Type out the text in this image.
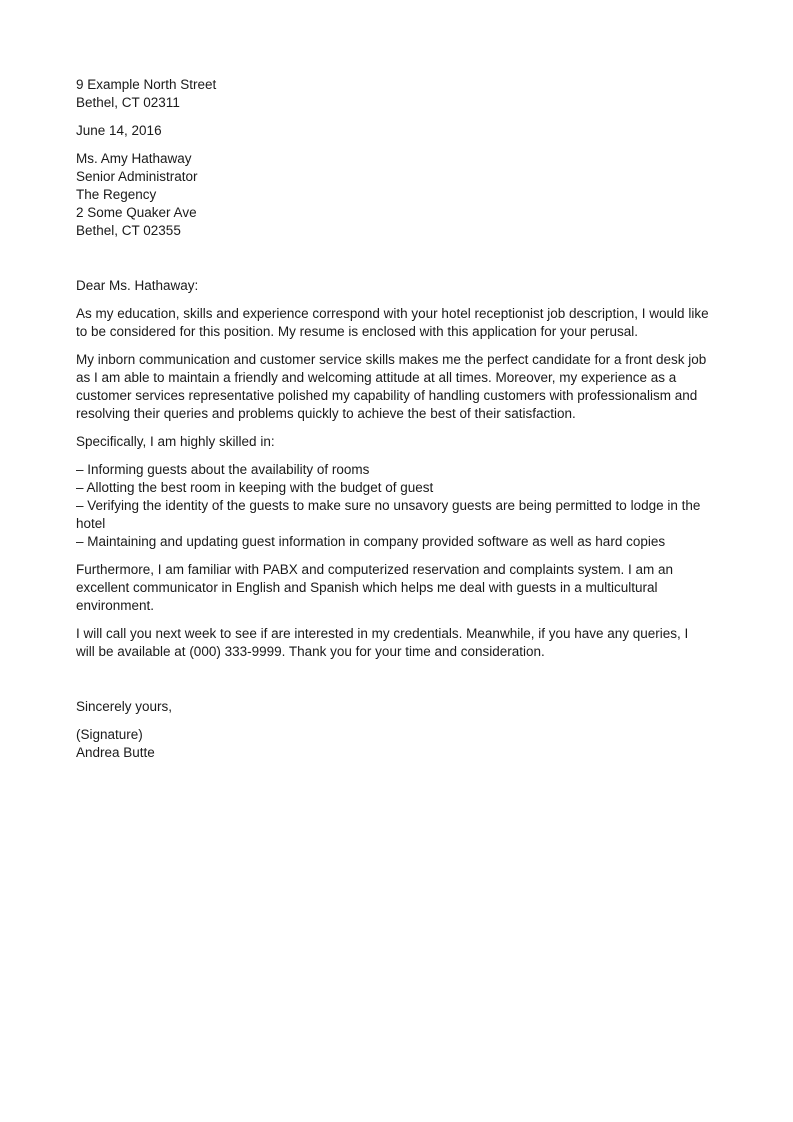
9 Example North Street
Bethel, CT 02311
June 14, 2016
Ms. Amy Hathaway
Senior Administrator
The Regency
2 Some Quaker Ave
Bethel, CT 02355
Dear Ms. Hathaway:
As my education, skills and experience correspond with your hotel receptionist job description, I would like to be considered for this position. My resume is enclosed with this application for your perusal.
My inborn communication and customer service skills makes me the perfect candidate for a front desk job as I am able to maintain a friendly and welcoming attitude at all times. Moreover, my experience as a customer services representative polished my capability of handling customers with professionalism and resolving their queries and problems quickly to achieve the best of their satisfaction.
Specifically, I am highly skilled in:
– Informing guests about the availability of rooms
– Allotting the best room in keeping with the budget of guest
– Verifying the identity of the guests to make sure no unsavory guests are being permitted to lodge in the hotel
– Maintaining and updating guest information in company provided software as well as hard copies
Furthermore, I am familiar with PABX and computerized reservation and complaints system. I am an excellent communicator in English and Spanish which helps me deal with guests in a multicultural environment.
I will call you next week to see if are interested in my credentials. Meanwhile, if you have any queries, I will be available at (000) 333-9999. Thank you for your time and consideration.
Sincerely yours,
(Signature)
Andrea Butte
